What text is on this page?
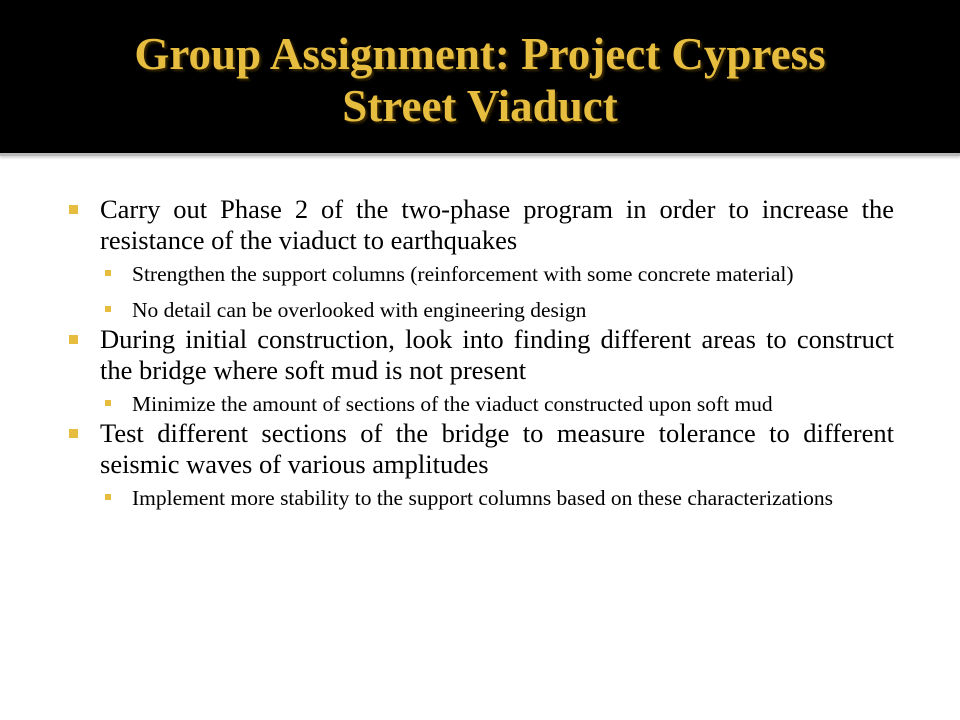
Group Assignment: Project Cypress
Street Viaduct
Carry out Phase 2 of the two-phase program in order to increase the resistance of the viaduct to earthquakes
Strengthen the support columns (reinforcement with some concrete material)
No detail can be overlooked with engineering design
During initial construction, look into finding different areas to construct the bridge where soft mud is not present
Minimize the amount of sections of the viaduct constructed upon soft mud
Test different sections of the bridge to measure tolerance to different seismic waves of various amplitudes
Implement more stability to the support columns based on these characterizations
